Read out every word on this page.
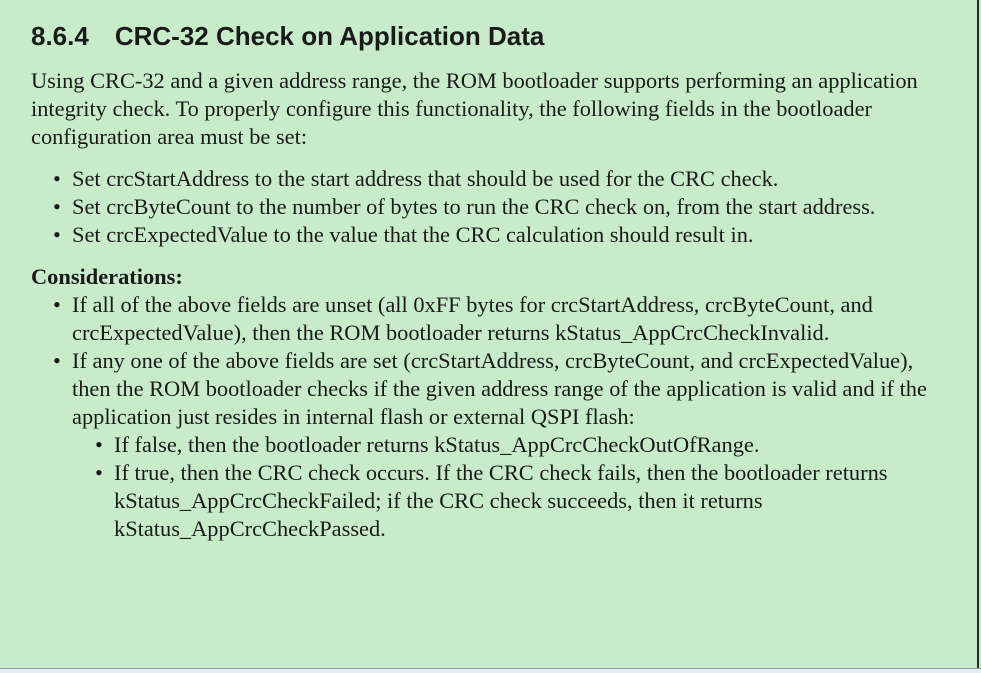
8.6.4 CRC-32 Check on Application Data

Using CRC-32 and a given address range, the ROM bootloader supports performing an application integrity check. To properly configure this functionality, the following fields in the bootloader configuration area must be set:

• Set crcStartAddress to the start address that should be used for the CRC check.
• Set crcByteCount to the number of bytes to run the CRC check on, from the start address.
• Set crcExpectedValue to the value that the CRC calculation should result in.

Considerations:

• If all of the above fields are unset (all 0xFF bytes for crcStartAddress, crcByteCount, and crcExpectedValue), then the ROM bootloader returns kStatus_AppCrcCheckInvalid.
• If any one of the above fields are set (crcStartAddress, crcByteCount, and crcExpectedValue), then the ROM bootloader checks if the given address range of the application is valid and if the application just resides in internal flash or external QSPI flash:
• If false, then the bootloader returns kStatus_AppCrcCheckOutOfRange.
• If true, then the CRC check occurs. If the CRC check fails, then the bootloader returns kStatus_AppCrcCheckFailed; if the CRC check succeeds, then it returns kStatus_AppCrcCheckPassed.
